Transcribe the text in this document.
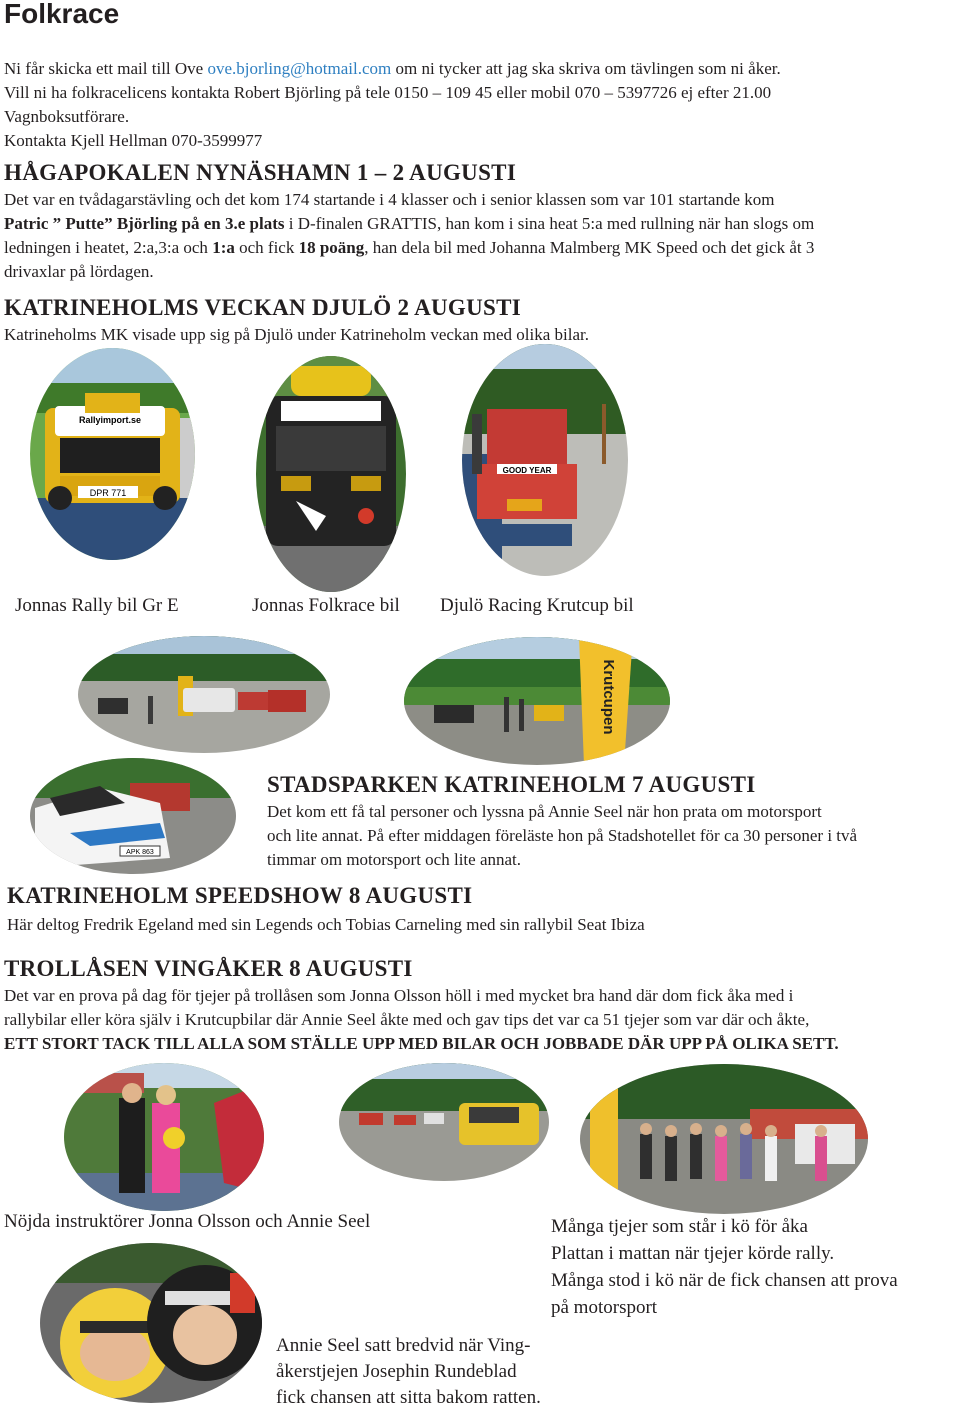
Folkrace

Ni får skicka ett mail till Ove ove.bjorling@hotmail.com om ni tycker att jag ska skriva om tävlingen som ni åker.

Vill ni ha folkracelicens kontakta Robert Björling på tele 0150 – 109 45 eller mobil 070 – 5397726 ej efter 21.00

Vagnboksutförare.

Kontakta Kjell Hellman 070-3599977

HÅGAPOKALEN NYNÄSHAMN 1 – 2 AUGUSTI

Det var en tvådagarstävling och det kom 174 startande i 4 klasser och i senior klassen som var 101 startande kom

Patric ” Putte” Björling på en 3.e plats i D-finalen GRATTIS, han kom i sina heat 5:a med rullning när han slogs om

ledningen i heatet, 2:a,3:a och 1:a och fick 18 poäng, han dela bil med Johanna Malmberg MK Speed och det gick åt 3

drivaxlar på lördagen.

KATRINEHOLMS VECKAN DJULÖ 2 AUGUSTI

Katrineholms MK visade upp sig på Djulö under Katrineholm veckan med olika bilar.

DPR 771
Rallyimport.se
GOOD YEAR
Jonnas Rally bil Gr E	Jonnas Folkrace bil Djulö Racing Krutcup bil
Krutcupen
APK 863
STADSPARKEN KATRINEHOLM 7 AUGUSTI

Det kom ett få tal personer och lyssna på Annie Seel när hon prata om motorsport

och lite annat. På efter middagen föreläste hon på Stadshotellet för ca 30 personer i två

timmar om motorsport och lite annat.

KATRINEHOLM SPEEDSHOW 8 AUGUSTI

Här deltog Fredrik Egeland med sin Legends och Tobias Carneling med sin rallybil Seat Ibiza

TROLLÅSEN VINGÅKER 8 AUGUSTI

Det var en prova på dag för tjejer på trollåsen som Jonna Olsson höll i med mycket bra hand där dom fick åka med i

rallybilar eller köra själv i Krutcupbilar där Annie Seel åkte med och gav tips det var ca 51 tjejer som var där och åkte,

ETT STORT TACK TILL ALLA SOM STÄLLE UPP MED BILAR OCH JOBBADE DÄR UPP PÅ OLIKA SETT.

Nöjda instruktörer Jonna Olsson och Annie Seel	Många tjejer som står i kö för åka
Plattan i mattan när tjejer körde rally.
Många stod i kö när de fick chansen att prova
på motorsport
Annie Seel satt bredvid när Ving-
åkerstjejen Josephin Rundeblad
fick chansen att sitta bakom ratten.
